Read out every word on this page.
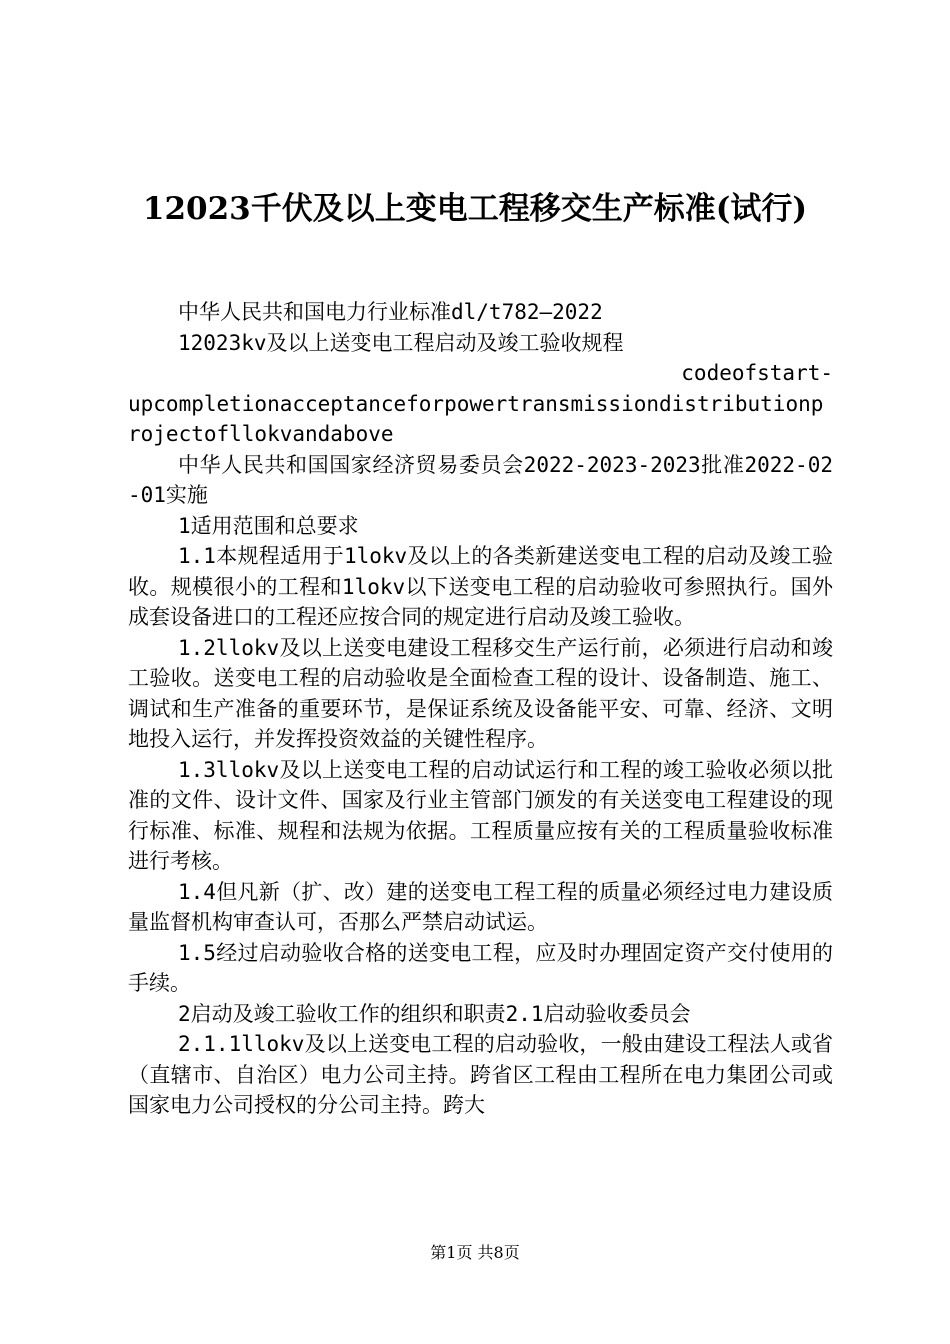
12023千伏及以上变电工程移交生产标准(试行)

中华人民共和国电力行业标准dl/t782—2022

12023kv及以上送变电工程启动及竣工验收规程

codeofstart-

upcompletionacceptanceforpowertransmissiondistributionprojectofllokvandabove

中华人民共和国国家经济贸易委员会2022-2023-2023批准2022-02-01实施

1适用范围和总要求

1.1本规程适用于1lokv及以上的各类新建送变电工程的启动及竣工验收。规模很小的工程和1lokv以下送变电工程的启动验收可参照执行。国外成套设备进口的工程还应按合同的规定进行启动及竣工验收。

1.2llokv及以上送变电建设工程移交生产运行前，必须进行启动和竣工验收。送变电工程的启动验收是全面检查工程的设计、设备制造、施工、调试和生产准备的重要环节，是保证系统及设备能平安、可靠、经济、文明地投入运行，并发挥投资效益的关键性程序。

1.3llokv及以上送变电工程的启动试运行和工程的竣工验收必须以批准的文件、设计文件、国家及行业主管部门颁发的有关送变电工程建设的现行标准、标准、规程和法规为依据。工程质量应按有关的工程质量验收标准进行考核。

1.4但凡新（扩、改）建的送变电工程工程的质量必须经过电力建设质量监督机构审查认可，否那么严禁启动试运。

1.5经过启动验收合格的送变电工程，应及时办理固定资产交付使用的手续。

2启动及竣工验收工作的组织和职责2.1启动验收委员会

2.1.1llokv及以上送变电工程的启动验收，一般由建设工程法人或省（直辖市、自治区）电力公司主持。跨省区工程由工程所在电力集团公司或国家电力公司授权的分公司主持。跨大

第1页 共8页
